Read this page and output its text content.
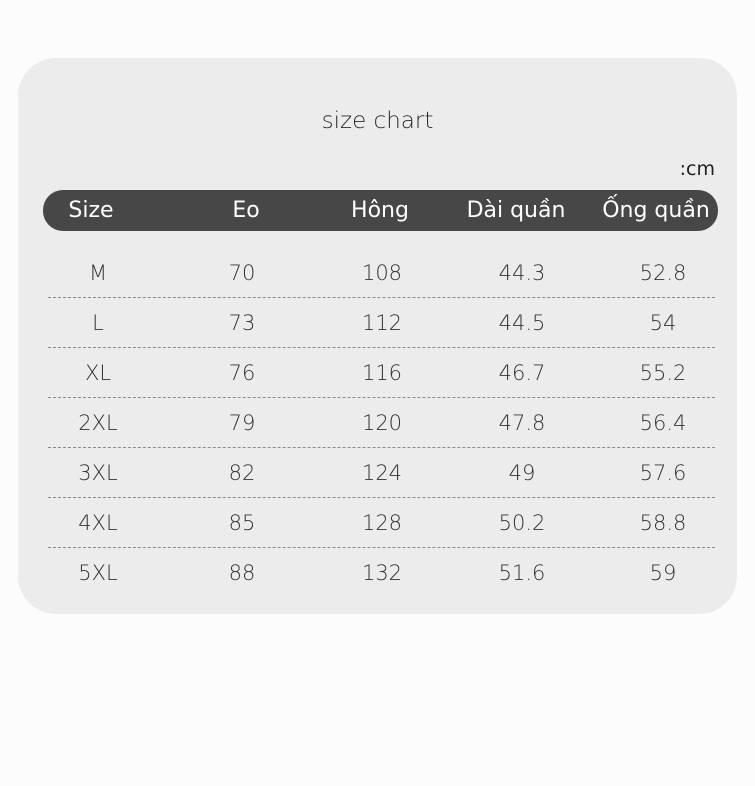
size chart
:cm
Size	Eo	Hông	Dài quần	Ống quần
M	70	108	44.3	52.8
L	73	112	44.5	54
XL	76	116	46.7	55.2
2XL	79	120	47.8	56.4
3XL	82	124	49	57.6
4XL	85	128	50.2	58.8
5XL	88	132	51.6	59
